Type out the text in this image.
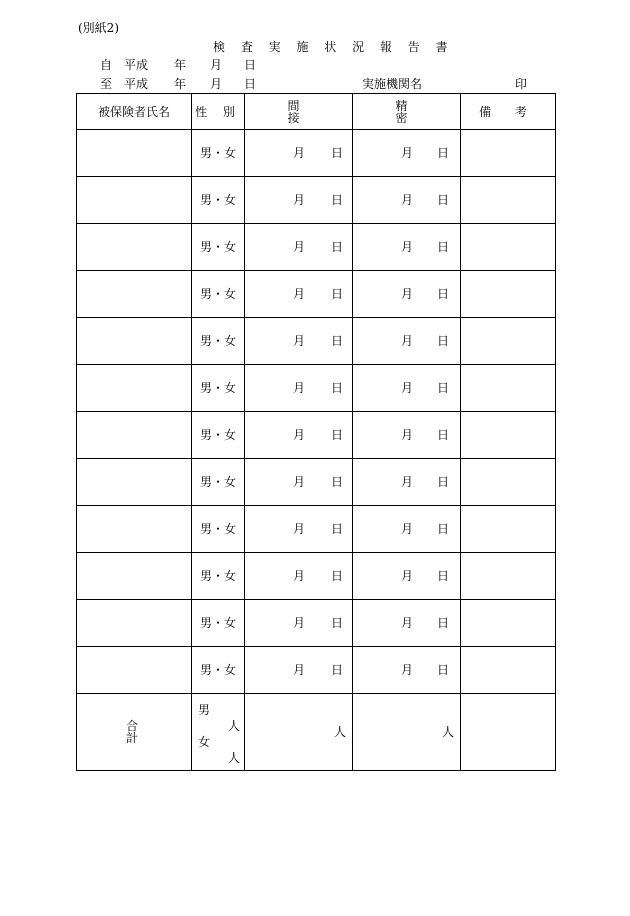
(別紙2)
検 査 実 施 状 況 報 告 書
自 平成 年 月 日
至 平成 年 月 日	実施機関名	印
被保険者氏名	性 別	間 接	精 密	備 考
	男・女	月 日	月 日	

	男・女	月 日	月 日	

	男・女	月 日	月 日	

	男・女	月 日	月 日	

	男・女	月 日	月 日	

	男・女	月 日	月 日	

	男・女	月 日	月 日	

	男・女	月 日	月 日	

	男・女	月 日	月 日	

	男・女	月 日	月 日	

	男・女	月 日	月 日	

	男・女	月 日	月 日	

合 計	男
人
女
人	人	人	
